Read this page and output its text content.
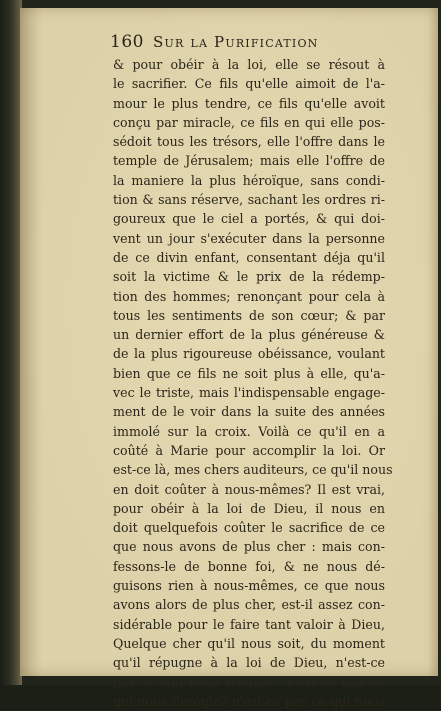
160 Sur la Purification
& pour obéir à la loi, elle se résout à
le sacrifier. Ce fils qu'elle aimoit de l'a-
mour le plus tendre, ce fils qu'elle avoit
conçu par miracle, ce fils en qui elle pos-
sédoit tous les trésors, elle l'offre dans le
temple de Jérusalem; mais elle l'offre de
la maniere la plus héroïque, sans condi-
tion & sans réserve, sachant les ordres ri-
goureux que le ciel a portés, & qui doi-
vent un jour s'exécuter dans la personne
de ce divin enfant, consentant déja qu'il
soit la victime & le prix de la rédemp-
tion des hommes; renonçant pour cela à
tous les sentiments de son cœur; & par
un dernier effort de la plus généreuse &
de la plus rigoureuse obéissance, voulant
bien que ce fils ne soit plus à elle, qu'a-
vec le triste, mais l'indispensable engage-
ment de le voir dans la suite des années
immolé sur la croix. Voilà ce qu'il en a
coûté à Marie pour accomplir la loi. Or
est-ce là, mes chers auditeurs, ce qu'il nous
en doit coûter à nous-mêmes? Il est vrai,
pour obéir à la loi de Dieu, il nous en
doit quelquefois coûter le sacrifice de ce
que nous avons de plus cher : mais con-
fessons-le de bonne foi, & ne nous dé-
guisons rien à nous-mêmes, ce que nous
avons alors de plus cher, est-il assez con-
sidérable pour le faire tant valoir à Dieu,
Quelque cher qu'il nous soit, du moment
qu'il répugne à la loi de Dieu, n'est-ce
pas ce qui nous trouble? n'est-ce pas ce
qui nous dérègle? n'est-ce pas ce qui nous
